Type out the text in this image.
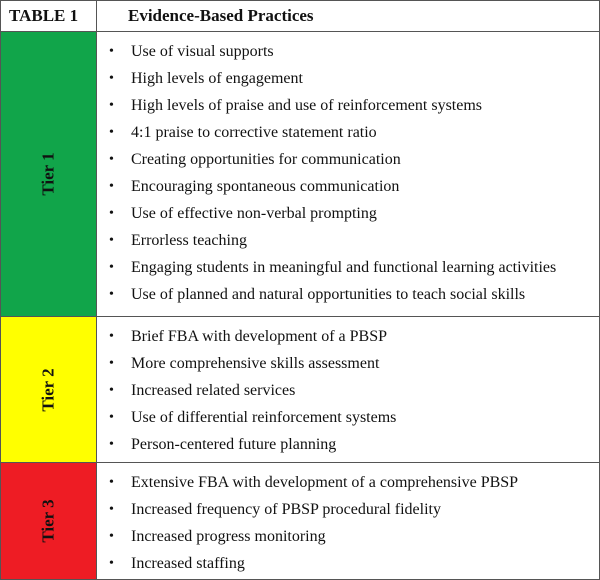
TABLE 1	Evidence-Based Practices
Tier 1
• Use of visual supports
• High levels of engagement
• High levels of praise and use of reinforcement systems
• 4:1 praise to corrective statement ratio
• Creating opportunities for communication
• Encouraging spontaneous communication
• Use of effective non-verbal prompting
• Errorless teaching
• Engaging students in meaningful and functional learning activities
• Use of planned and natural opportunities to teach social skills
Tier 2
• Brief FBA with development of a PBSP
• More comprehensive skills assessment
• Increased related services
• Use of differential reinforcement systems
• Person-centered future planning
Tier 3
• Extensive FBA with development of a comprehensive PBSP
• Increased frequency of PBSP procedural fidelity
• Increased progress monitoring
• Increased staffing
